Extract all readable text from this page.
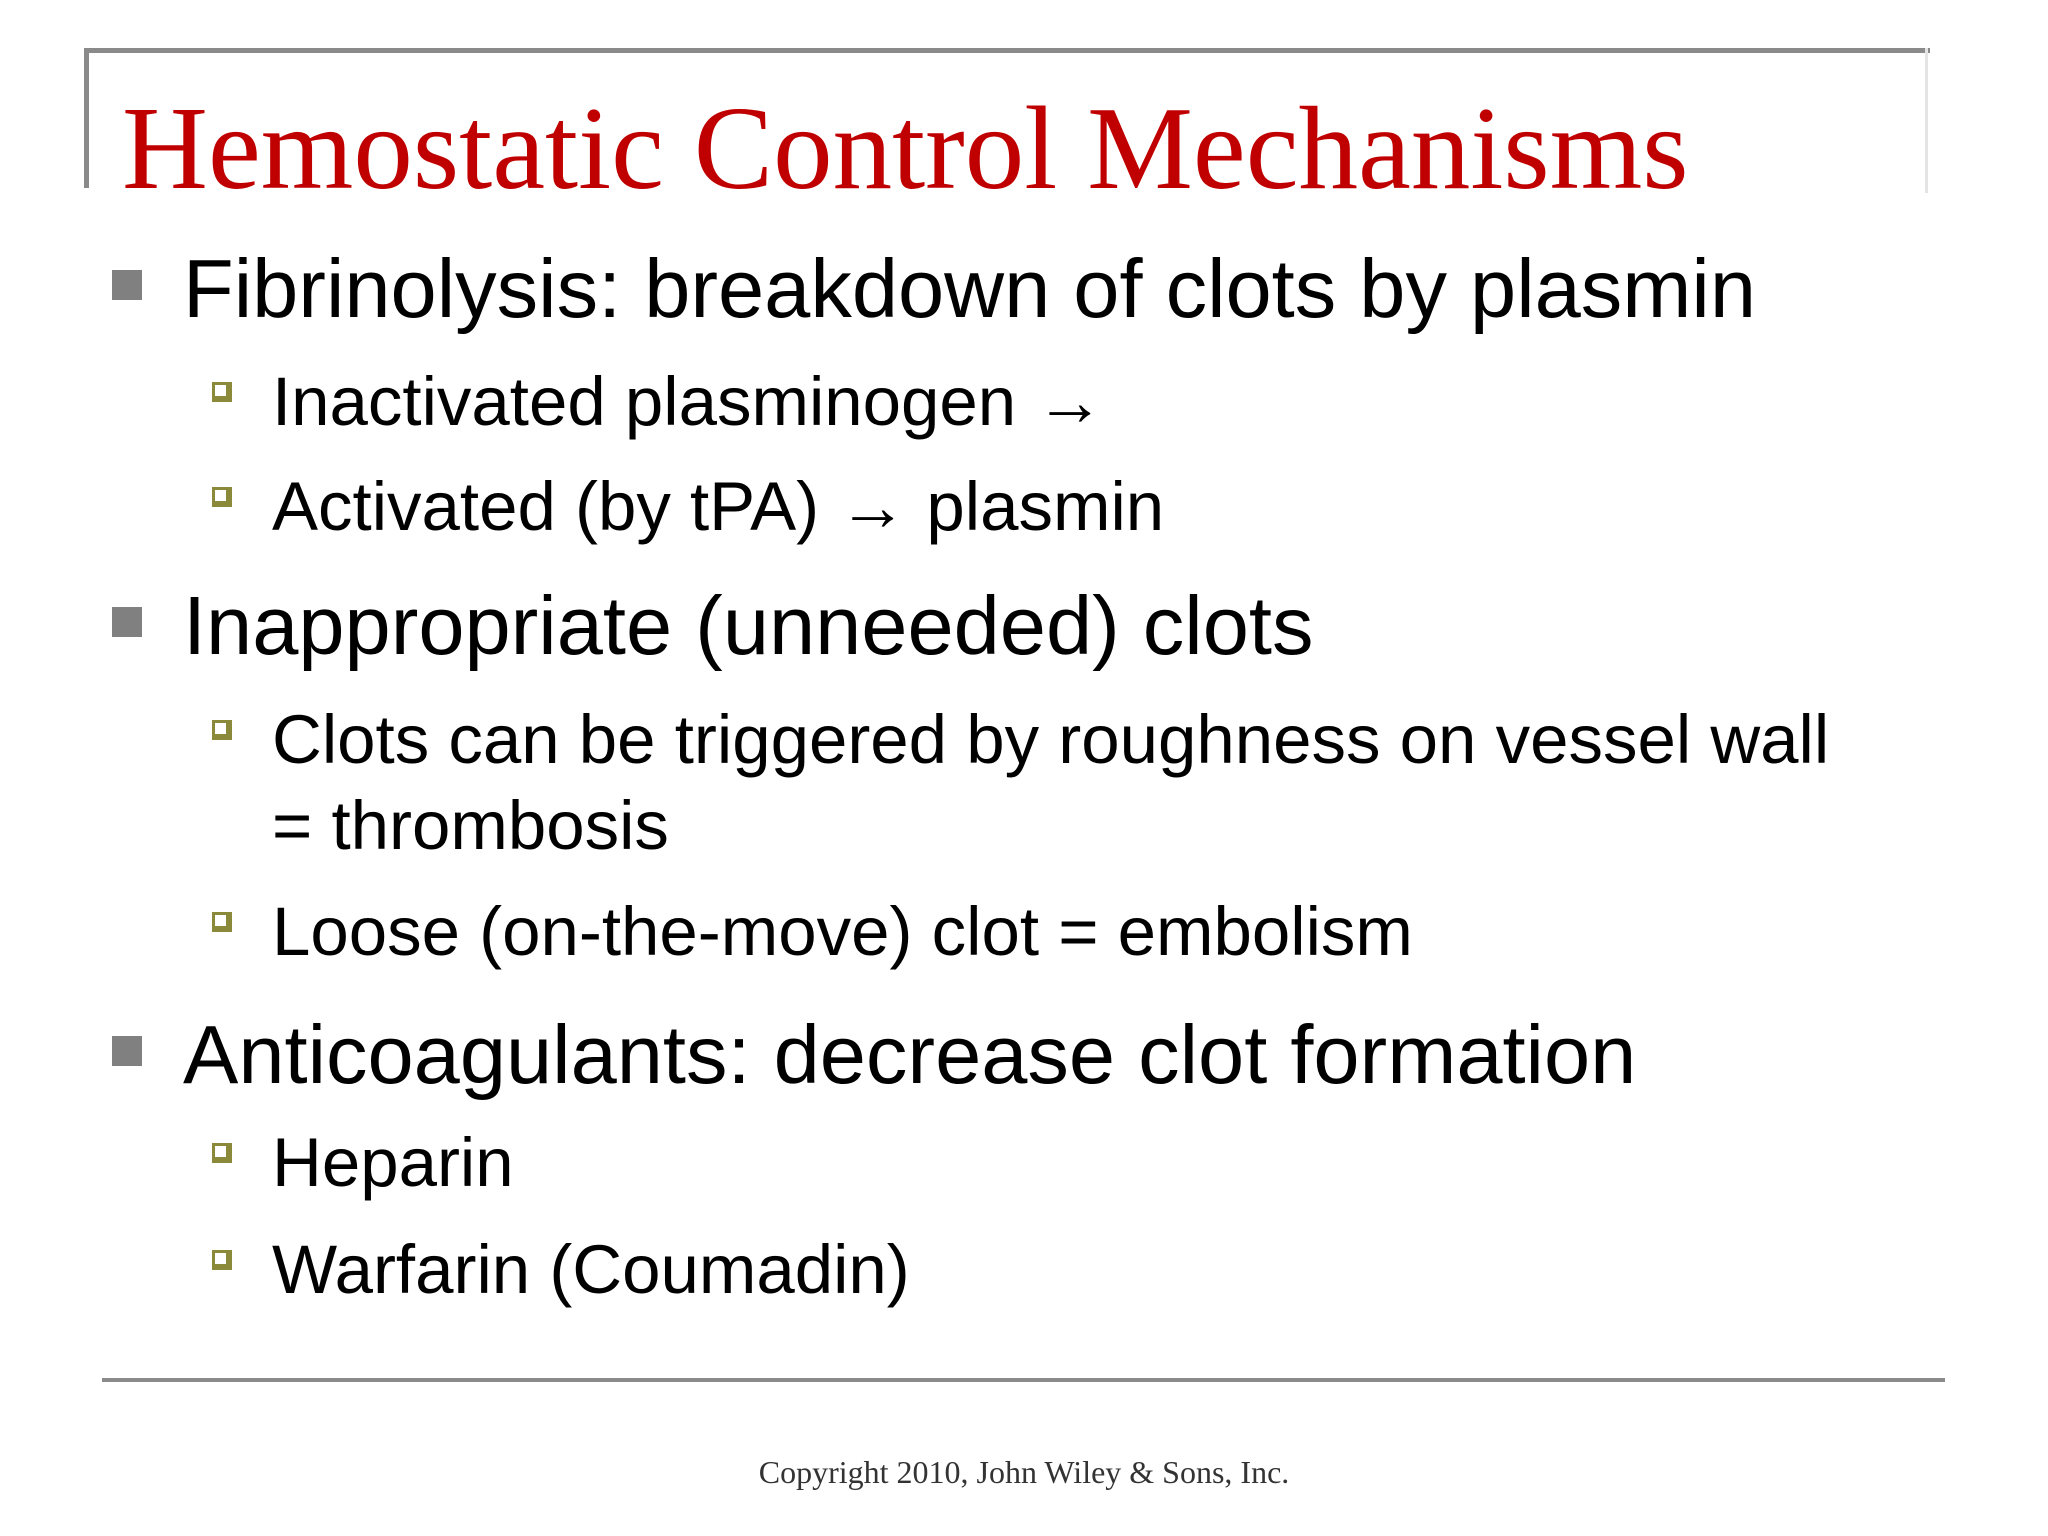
Hemostatic Control Mechanisms
Fibrinolysis: breakdown of clots by plasmin
Inactivated plasminogen →
Activated (by tPA) → plasmin
Inappropriate (unneeded) clots
Clots can be triggered by roughness on vessel wall = thrombosis
Loose (on-the-move) clot = embolism
Anticoagulants: decrease clot formation
Heparin
Warfarin (Coumadin)
Copyright 2010, John Wiley & Sons, Inc.
